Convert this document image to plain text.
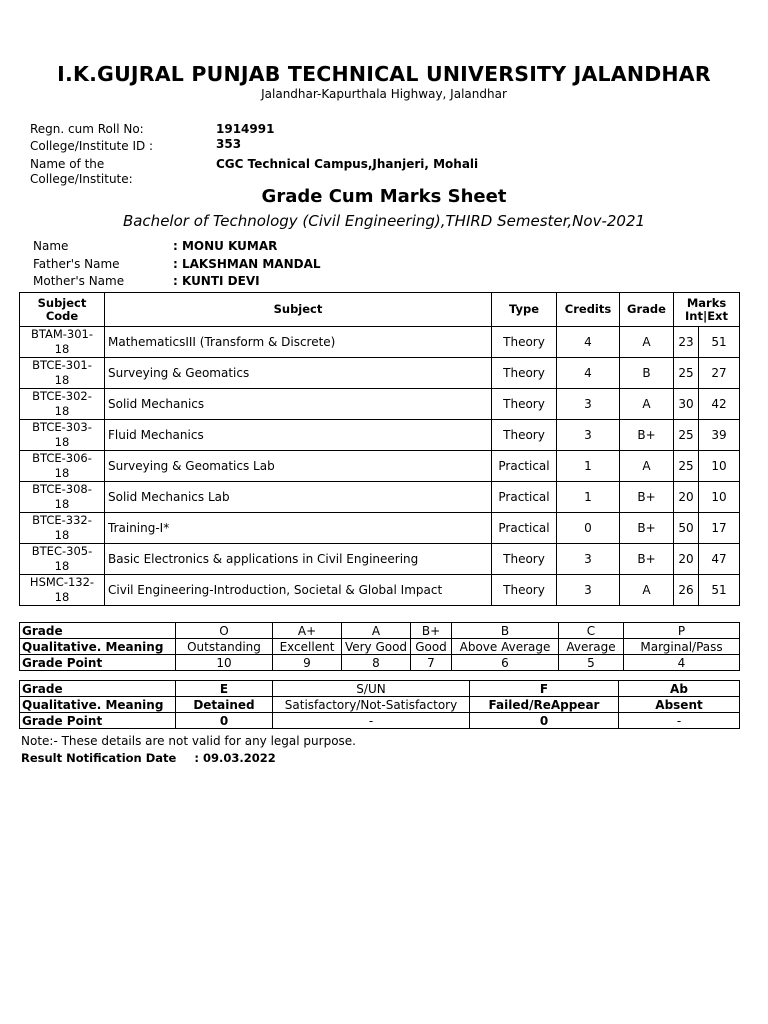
I.K.GUJRAL PUNJAB TECHNICAL UNIVERSITY JALANDHAR
Jalandhar-Kapurthala Highway, Jalandhar
Regn. cum Roll No:	1914991
College/Institute ID :	353
Name of the
College/Institute:
CGC Technical Campus,Jhanjeri, Mohali
Grade Cum Marks Sheet
Bachelor of Technology (Civil Engineering),THIRD Semester,Nov-2021
Name	: MONU KUMAR
Father's Name	: LAKSHMAN MANDAL
Mother's Name	: KUNTI DEVI
Subject
Code	Subject	Type	Credits	Grade	Marks
Int|Ext	
BTAM-301-
18	MathematicsIII (Transform & Discrete)	Theory	4	A	23	51
BTCE-301-
18	Surveying & Geomatics	Theory	4	B	25	27
BTCE-302-
18	Solid Mechanics	Theory	3	A	30	42
BTCE-303-
18	Fluid Mechanics	Theory	3	B+	25	39
BTCE-306-
18	Surveying & Geomatics Lab	Practical	1	A	25	10
BTCE-308-
18	Solid Mechanics Lab	Practical	1	B+	20	10
BTCE-332-
18	Training-I*	Practical	0	B+	50	17
BTEC-305-
18	Basic Electronics & applications in Civil Engineering	Theory	3	B+	20	47
HSMC-132-
18	Civil Engineering-Introduction, Societal & Global Impact	Theory	3	A	26	51
Grade	O	A+	A	B+	B	C	P
Qualitative. Meaning	Outstanding	Excellent	Very Good	Good	Above Average	Average	Marginal/Pass
Grade Point	10	9	8	7	6	5	4
Grade	E	S/UN	F	Ab
Qualitative. Meaning	Detained	Satisfactory/Not-Satisfactory	Failed/ReAppear	Absent
Grade Point	0	-	0	-
Note:- These details are not valid for any legal purpose.
Result Notification Date : 09.03.2022
